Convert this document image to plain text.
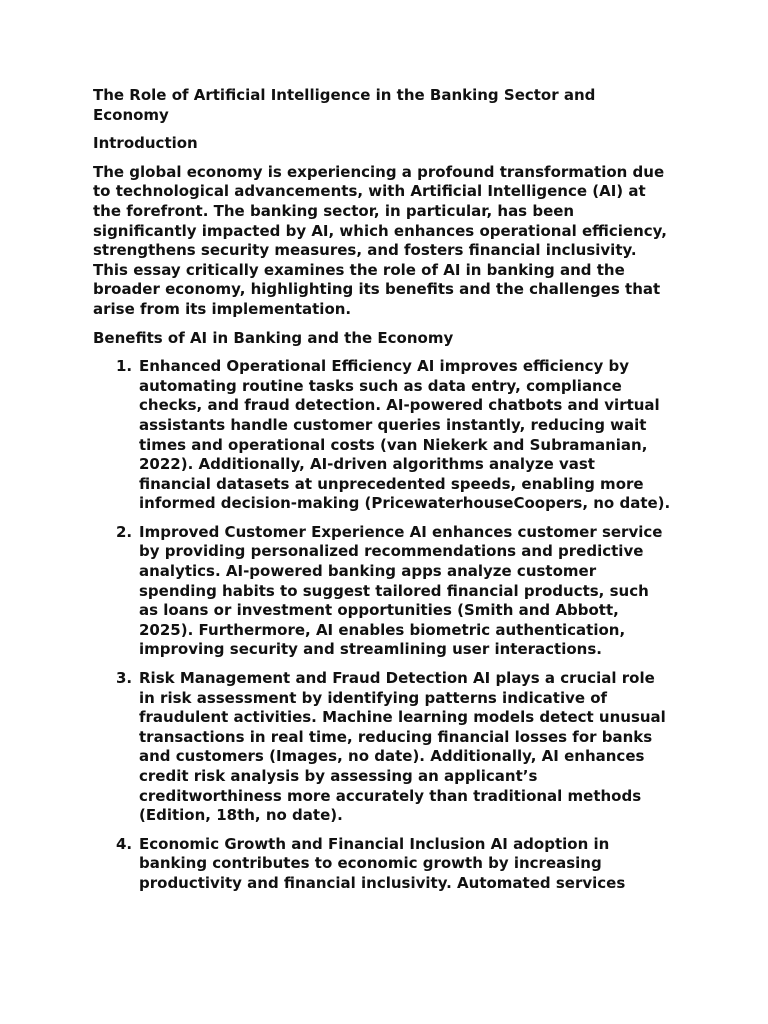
The Role of Artificial Intelligence in the Banking Sector and Economy
Introduction

The global economy is experiencing a profound transformation due to technological advancements, with Artificial Intelligence (AI) at the forefront. The banking sector, in particular, has been significantly impacted by AI, which enhances operational efficiency, strengthens security measures, and fosters financial inclusivity. This essay critically examines the role of AI in banking and the broader economy, highlighting its benefits and the challenges that arise from its implementation.

Benefits of AI in Banking and the Economy
1. Enhanced Operational Efficiency AI improves efficiency by automating routine tasks such as data entry, compliance checks, and fraud detection. AI-powered chatbots and virtual assistants handle customer queries instantly, reducing wait times and operational costs (van Niekerk and Subramanian, 2022). Additionally, AI-driven algorithms analyze vast financial datasets at unprecedented speeds, enabling more informed decision-making (PricewaterhouseCoopers, no date).
2. Improved Customer Experience AI enhances customer service by providing personalized recommendations and predictive analytics. AI-powered banking apps analyze customer spending habits to suggest tailored financial products, such as loans or investment opportunities (Smith and Abbott, 2025). Furthermore, AI enables biometric authentication, improving security and streamlining user interactions.
3. Risk Management and Fraud Detection AI plays a crucial role in risk assessment by identifying patterns indicative of fraudulent activities. Machine learning models detect unusual transactions in real time, reducing financial losses for banks and customers (Images, no date). Additionally, AI enhances credit risk analysis by assessing an applicant’s creditworthiness more accurately than traditional methods (Edition, 18th, no date).
4. Economic Growth and Financial Inclusion AI adoption in banking contributes to economic growth by increasing productivity and financial inclusivity. Automated services
